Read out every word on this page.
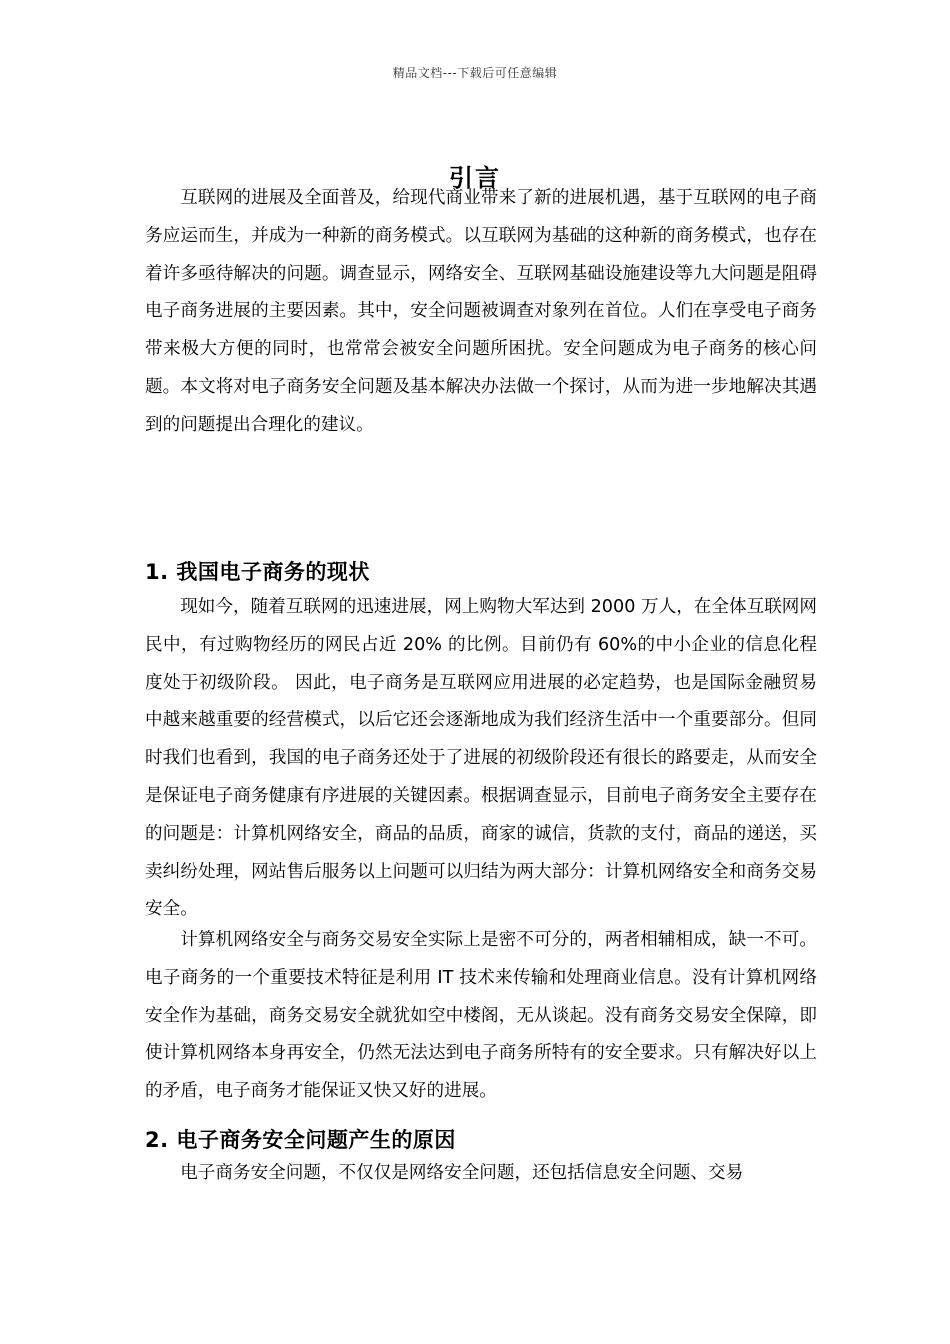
精品文档---下载后可任意编辑
引言

互联网的进展及全面普及，给现代商业带来了新的进展机遇，基于互联网的电子商务应运而生，并成为一种新的商务模式。以互联网为基础的这种新的商务模式，也存在着许多亟待解决的问题。调查显示，网络安全、互联网基础设施建设等九大问题是阻碍电子商务进展的主要因素。其中，安全问题被调查对象列在首位。人们在享受电子商务带来极大方便的同时，也常常会被安全问题所困扰。安全问题成为电子商务的核心问题。本文将对电子商务安全问题及基本解决办法做一个探讨，从而为进一步地解决其遇到的问题提出合理化的建议。

1. 我国电子商务的现状

现如今，随着互联网的迅速进展，网上购物大军达到 2000 万人，在全体互联网网民中，有过购物经历的网民占近 20% 的比例。目前仍有 60%的中小企业的信息化程度处于初级阶段。 因此，电子商务是互联网应用进展的必定趋势，也是国际金融贸易中越来越重要的经营模式，以后它还会逐渐地成为我们经济生活中一个重要部分。但同时我们也看到，我国的电子商务还处于了进展的初级阶段还有很长的路要走，从而安全是保证电子商务健康有序进展的关键因素。根据调查显示，目前电子商务安全主要存在的问题是：计算机网络安全，商品的品质，商家的诚信，货款的支付，商品的递送，买卖纠纷处理，网站售后服务以上问题可以归结为两大部分：计算机网络安全和商务交易安全。

计算机网络安全与商务交易安全实际上是密不可分的，两者相辅相成，缺一不可。电子商务的一个重要技术特征是利用 IT 技术来传输和处理商业信息。没有计算机网络安全作为基础，商务交易安全就犹如空中楼阁，无从谈起。没有商务交易安全保障，即使计算机网络本身再安全，仍然无法达到电子商务所特有的安全要求。只有解决好以上的矛盾，电子商务才能保证又快又好的进展。

2. 电子商务安全问题产生的原因

电子商务安全问题，不仅仅是网络安全问题，还包括信息安全问题、交易
